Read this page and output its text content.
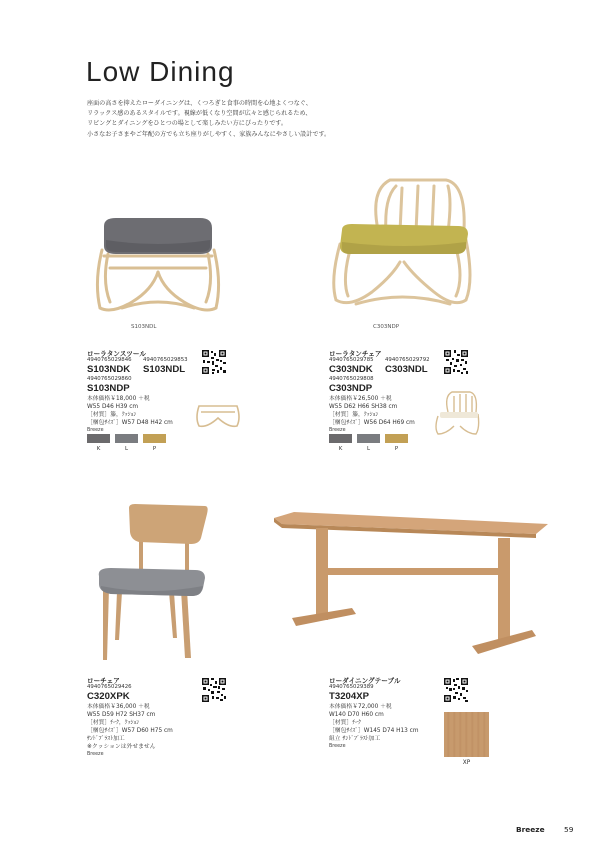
Low Dining
座面の高さを抑えたローダイニングは、くつろぎと食事の時間を心地よくつなぐ、
リラックス感のあるスタイルです。視線が低くなり空間が広々と感じられるため、
リビングとダイニングをひとつの場として楽しみたい方にぴったりです。
小さなお子さまやご年配の方でも立ち座りがしやすく、家族みんなにやさしい設計です。
S103NDL	C303NDP
ローラタンスツール
4940765029846 4940765029853
S103NDK S103NDL
4940765029860
S103NDP
本体価格￥18,000 ＋税
W55 D46 H39 cm
［材質］籐，ｸｯｼｮﾝ
［梱包ｻｲｽﾞ］W57 D48 H42 cm
Breeze
K	L	P
ローラタンチェア
4940765029785 4940765029792
C303NDK C303NDL
4940765029808
C303NDP
本体価格￥26,500 ＋税
W55 D62 H66 SH38 cm
［材質］籐，ｸｯｼｮﾝ
［梱包ｻｲｽﾞ］W56 D64 H69 cm
Breeze
K	L	P
ローチェア
4940765029426
C320XPK
本体価格￥36,000 ＋税
W55 D59 H72 SH37 cm
［材質］ﾁｰｸ，ｸｯｼｮﾝ
［梱包ｻｲｽﾞ］W57 D60 H75 cm
ｻﾝﾄﾞﾌﾞﾗｽﾄ加工
※クッションは外せません
Breeze
ローダイニングテーブル
4940765029389
T3204XP
本体価格￥72,000 ＋税
W140 D70 H60 cm
［材質］ﾁｰｸ
［梱包ｻｲｽﾞ］W145 D74 H13 cm
組立 ｻﾝﾄﾞﾌﾞﾗｽﾄ加工
Breeze
XP
Breeze	59
